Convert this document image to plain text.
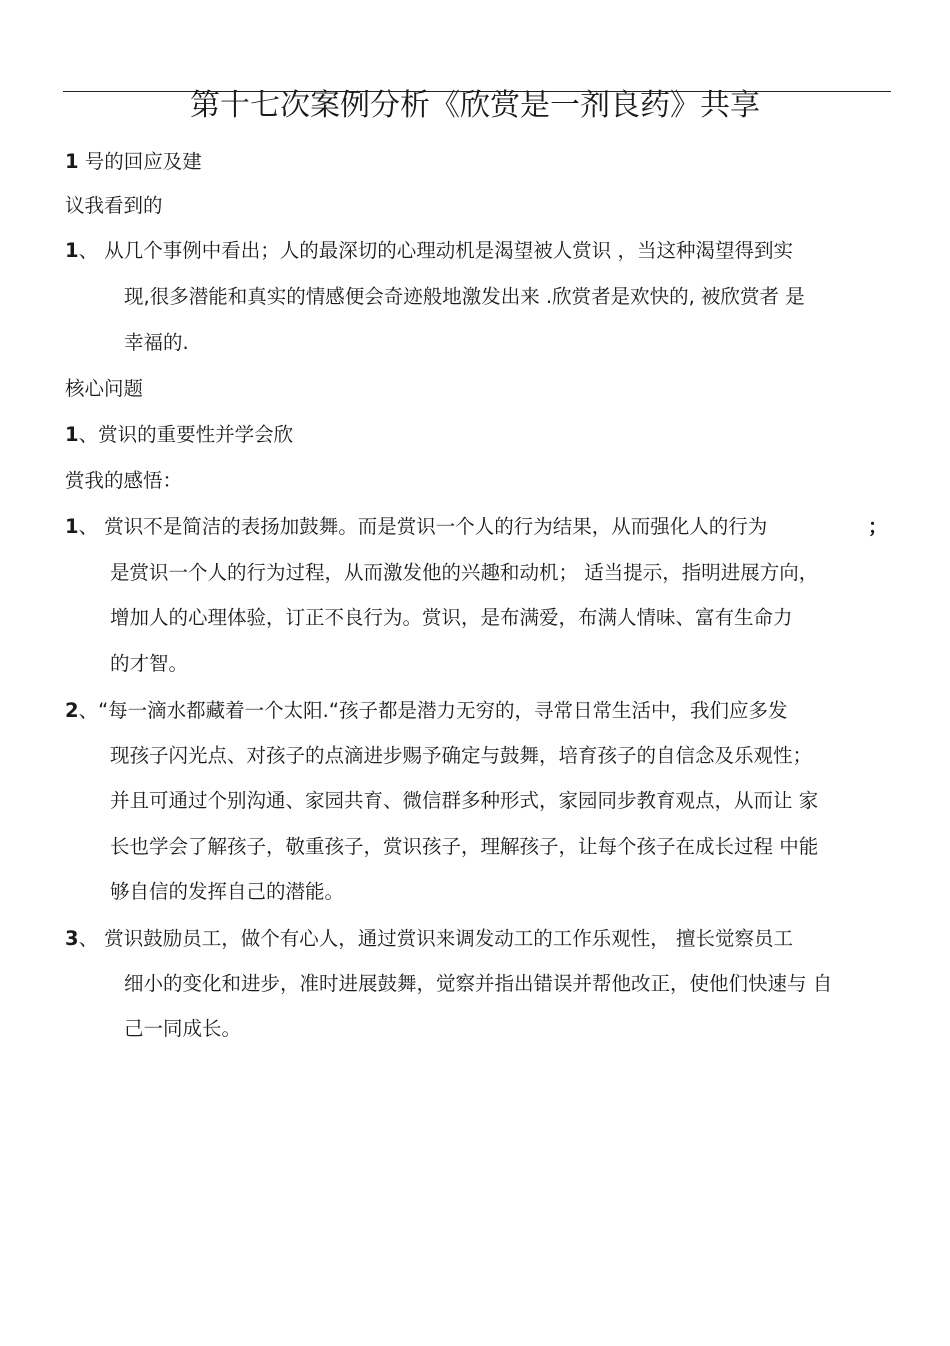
第十七次案例分析《欣赏是一剂良药》共享
1 号的回应及建
议我看到的
1、 从几个事例中看出；人的最深切的心理动机是渴望被人赏识 ，当这种渴望得到实
现,很多潜能和真实的情感便会奇迹般地激发出来 .欣赏者是欢快的, 被欣赏者 是
幸福的.
核心问题
1、赏识的重要性并学会欣
赏我的感悟：
1、 赏识不是简洁的表扬加鼓舞。而是赏识一个人的行为结果，从而强化人的行为	；
是赏识一个人的行为过程，从而激发他的兴趣和动机； 适当提示，指明进展方向，
增加人的心理体验，订正不良行为。赏识，是布满爱，布满人情味、富有生命力
的才智。
2、“每一滴水都藏着一个太阳.“孩子都是潜力无穷的，寻常日常生活中，我们应多发
现孩子闪光点、对孩子的点滴进步赐予确定与鼓舞，培育孩子的自信念及乐观性；
并且可通过个别沟通、家园共育、微信群多种形式，家园同步教育观点，从而让 家
长也学会了解孩子，敬重孩子，赏识孩子，理解孩子，让每个孩子在成长过程 中能
够自信的发挥自己的潜能。
3、 赏识鼓励员工，做个有心人，通过赏识来调发动工的工作乐观性， 擅长觉察员工
细小的变化和进步，准时进展鼓舞，觉察并指出错误并帮他改正，使他们快速与 自
己一同成长。
